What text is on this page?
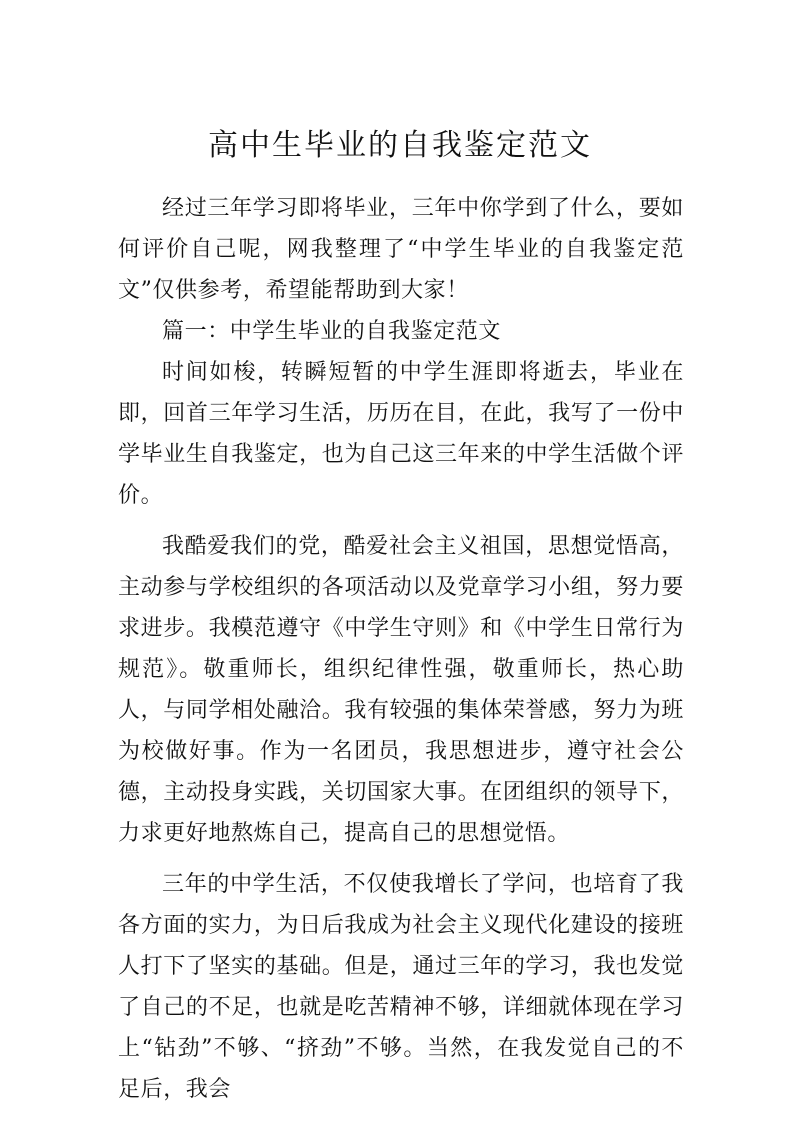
高中生毕业的自我鉴定范文

经过三年学习即将毕业，三年中你学到了什么，要如何评价自己呢，网我整理了“中学生毕业的自我鉴定范文”仅供参考，希望能帮助到大家！

篇一：中学生毕业的自我鉴定范文

时间如梭，转瞬短暂的中学生涯即将逝去，毕业在即，回首三年学习生活，历历在目，在此，我写了一份中学毕业生自我鉴定，也为自己这三年来的中学生活做个评价。

我酷爱我们的党，酷爱社会主义祖国，思想觉悟高，主动参与学校组织的各项活动以及党章学习小组，努力要求进步。我模范遵守《中学生守则》和《中学生日常行为规范》。敬重师长，组织纪律性强，敬重师长，热心助人，与同学相处融洽。我有较强的集体荣誉感，努力为班为校做好事。作为一名团员，我思想进步，遵守社会公德，主动投身实践，关切国家大事。在团组织的领导下，力求更好地熬炼自己，提高自己的思想觉悟。

三年的中学生活，不仅使我增长了学问，也培育了我各方面的实力，为日后我成为社会主义现代化建设的接班人打下了坚实的基础。但是，通过三年的学习，我也发觉了自己的不足，也就是吃苦精神不够，详细就体现在学习上“钻劲”不够、“挤劲”不够。当然，在我发觉自己的不足后，我会
